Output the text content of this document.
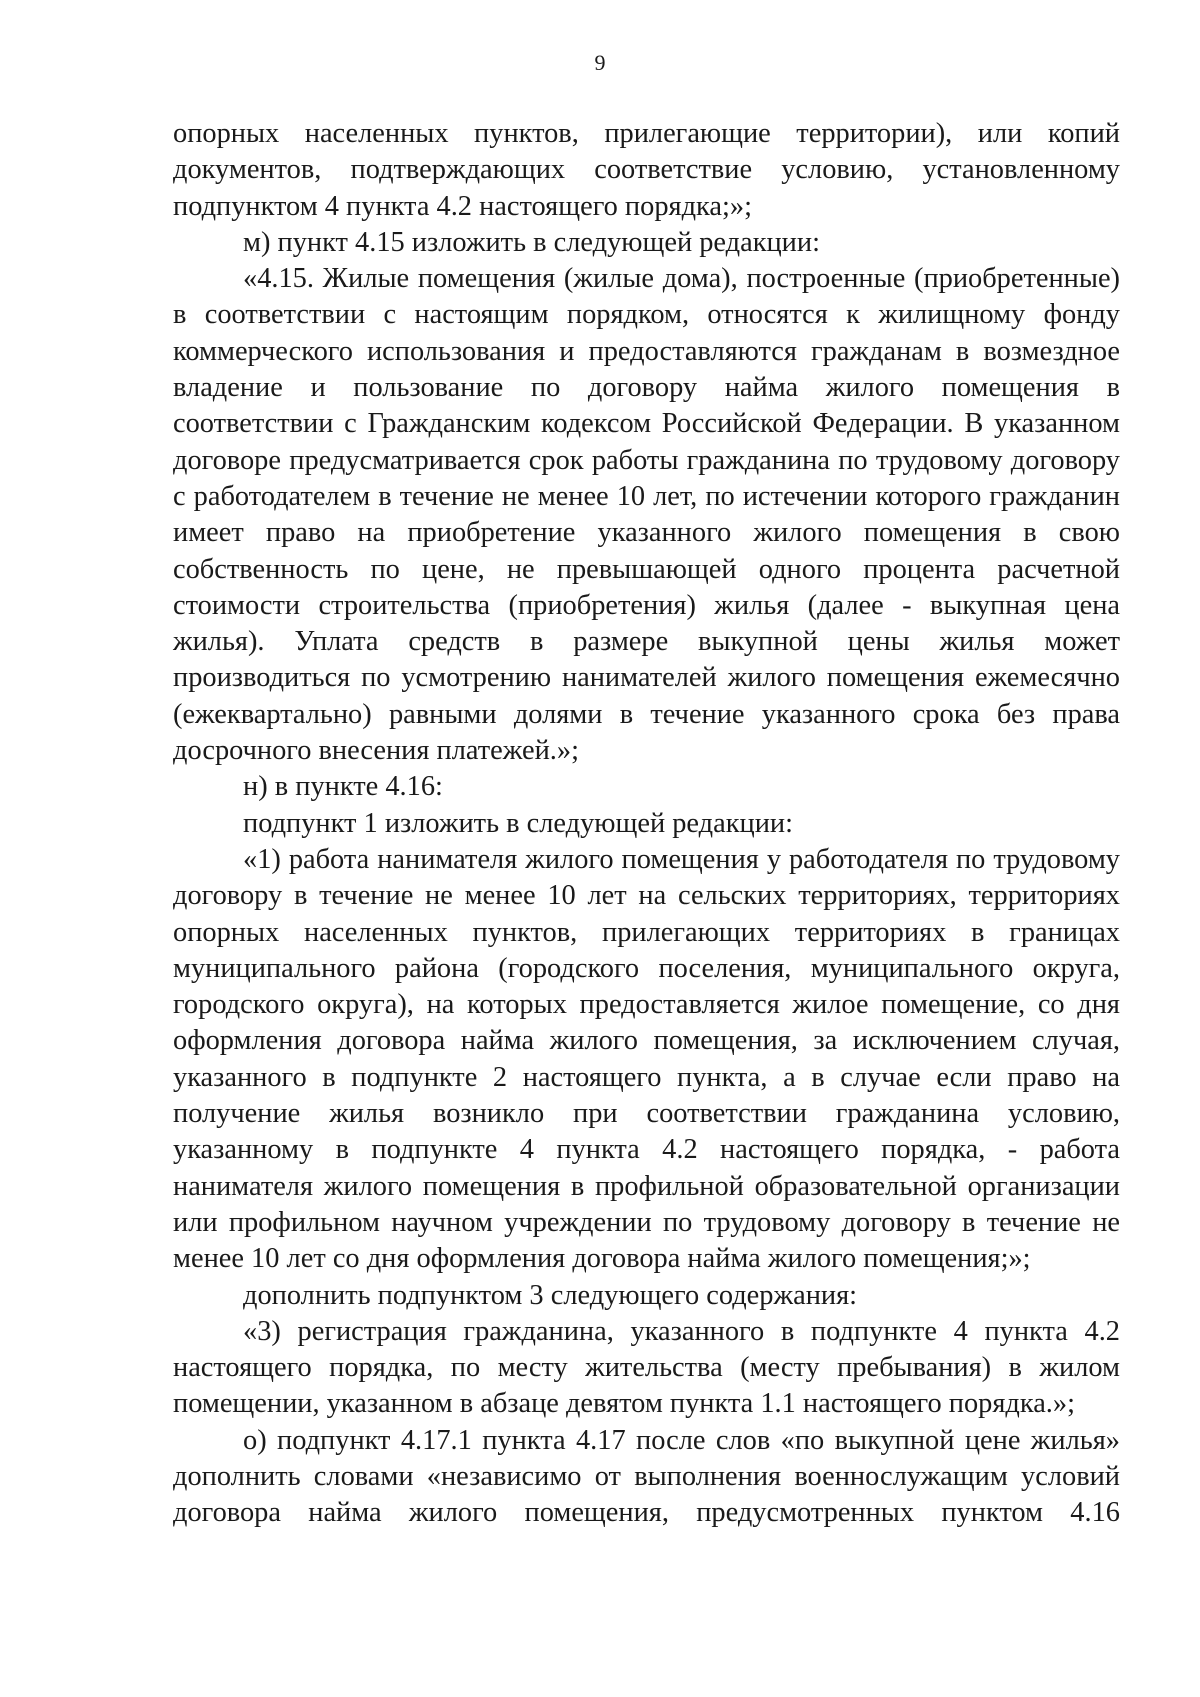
9

опорных населенных пунктов, прилегающие территории), или копий документов, подтверждающих соответствие условию, установленному подпунктом 4 пункта 4.2 настоящего порядка;»;

м) пункт 4.15 изложить в следующей редакции:

«4.15. Жилые помещения (жилые дома), построенные (приобретенные) в соответствии с настоящим порядком, относятся к жилищному фонду коммерческого использования и предоставляются гражданам в возмездное владение и пользование по договору найма жилого помещения в соответствии с Гражданским кодексом Российской Федерации. В указанном договоре предусматривается срок работы гражданина по трудовому договору с работодателем в течение не менее 10 лет, по истечении которого гражданин имеет право на приобретение указанного жилого помещения в свою собственность по цене, не превышающей одного процента расчетной стоимости строительства (приобретения) жилья (далее - выкупная цена жилья). Уплата средств в размере выкупной цены жилья может производиться по усмотрению нанимателей жилого помещения ежемесячно (ежеквартально) равными долями в течение указанного срока без права досрочного внесения платежей.»;

н) в пункте 4.16:

подпункт 1 изложить в следующей редакции:

«1) работа нанимателя жилого помещения у работодателя по трудовому договору в течение не менее 10 лет на сельских территориях, территориях опорных населенных пунктов, прилегающих территориях в границах муниципального района (городского поселения, муниципального округа, городского округа), на которых предоставляется жилое помещение, со дня оформления договора найма жилого помещения, за исключением случая, указанного в подпункте 2 настоящего пункта, а в случае если право на получение жилья возникло при соответствии гражданина условию, указанному в подпункте 4 пункта 4.2 настоящего порядка, - работа нанимателя жилого помещения в профильной образовательной организации или профильном научном учреждении по трудовому договору в течение не менее 10 лет со дня оформления договора найма жилого помещения;»;

дополнить подпунктом 3 следующего содержания:

«3) регистрация гражданина, указанного в подпункте 4 пункта 4.2 настоящего порядка, по месту жительства (месту пребывания) в жилом помещении, указанном в абзаце девятом пункта 1.1 настоящего порядка.»;

о) подпункт 4.17.1 пункта 4.17 после слов «по выкупной цене жилья» дополнить словами «независимо от выполнения военнослужащим условий договора найма жилого помещения, предусмотренных пунктом 4.16
